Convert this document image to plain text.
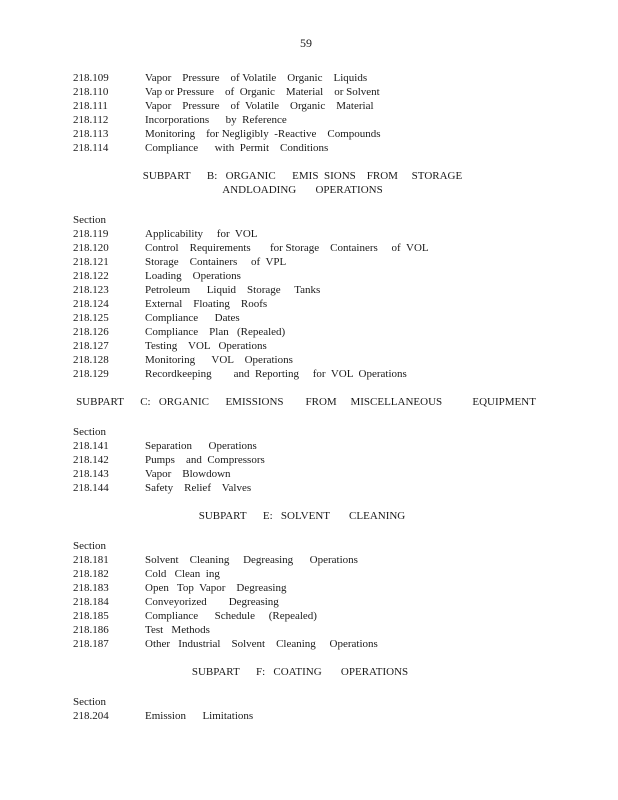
59
218.109	Vapor    Pressure    of Volatile    Organic    Liquids
218.110	Vap or Pressure    of  Organic    Material    or Solvent
218.111	Vapor    Pressure    of  Volatile    Organic    Material
218.112	Incorporations      by  Reference
218.113	Monitoring    for Negligibly  -Reactive    Compounds
218.114	Compliance      with  Permit    Conditions
SUBPART      B:   ORGANIC      EMIS  SIONS    FROM     STORAGE
ANDLOADING       OPERATIONS
Section
218.119	Applicability     for  VOL
218.120	Control    Requirements       for Storage    Containers     of  VOL
218.121	Storage    Containers     of  VPL
218.122	Loading    Operations
218.123	Petroleum      Liquid    Storage     Tanks
218.124	External    Floating    Roofs
218.125	Compliance      Dates
218.126	Compliance    Plan   (Repealed)
218.127	Testing    VOL   Operations
218.128	Monitoring      VOL    Operations
218.129	Recordkeeping        and  Reporting     for  VOL  Operations
SUBPART      C:   ORGANIC      EMISSIONS        FROM     MISCELLANEOUS           EQUIPMENT
Section
218.141	Separation      Operations
218.142	Pumps    and  Compressors
218.143	Vapor    Blowdown
218.144	Safety    Relief    Valves
SUBPART      E:   SOLVENT       CLEANING
Section
218.181	Solvent    Cleaning     Degreasing      Operations
218.182	Cold   Clean  ing
218.183	Open   Top  Vapor    Degreasing
218.184	Conveyorized        Degreasing
218.185	Compliance      Schedule     (Repealed)
218.186	Test   Methods
218.187	Other   Industrial    Solvent    Cleaning     Operations
SUBPART      F:   COATING       OPERATIONS
Section
218.204	Emission      Limitations
